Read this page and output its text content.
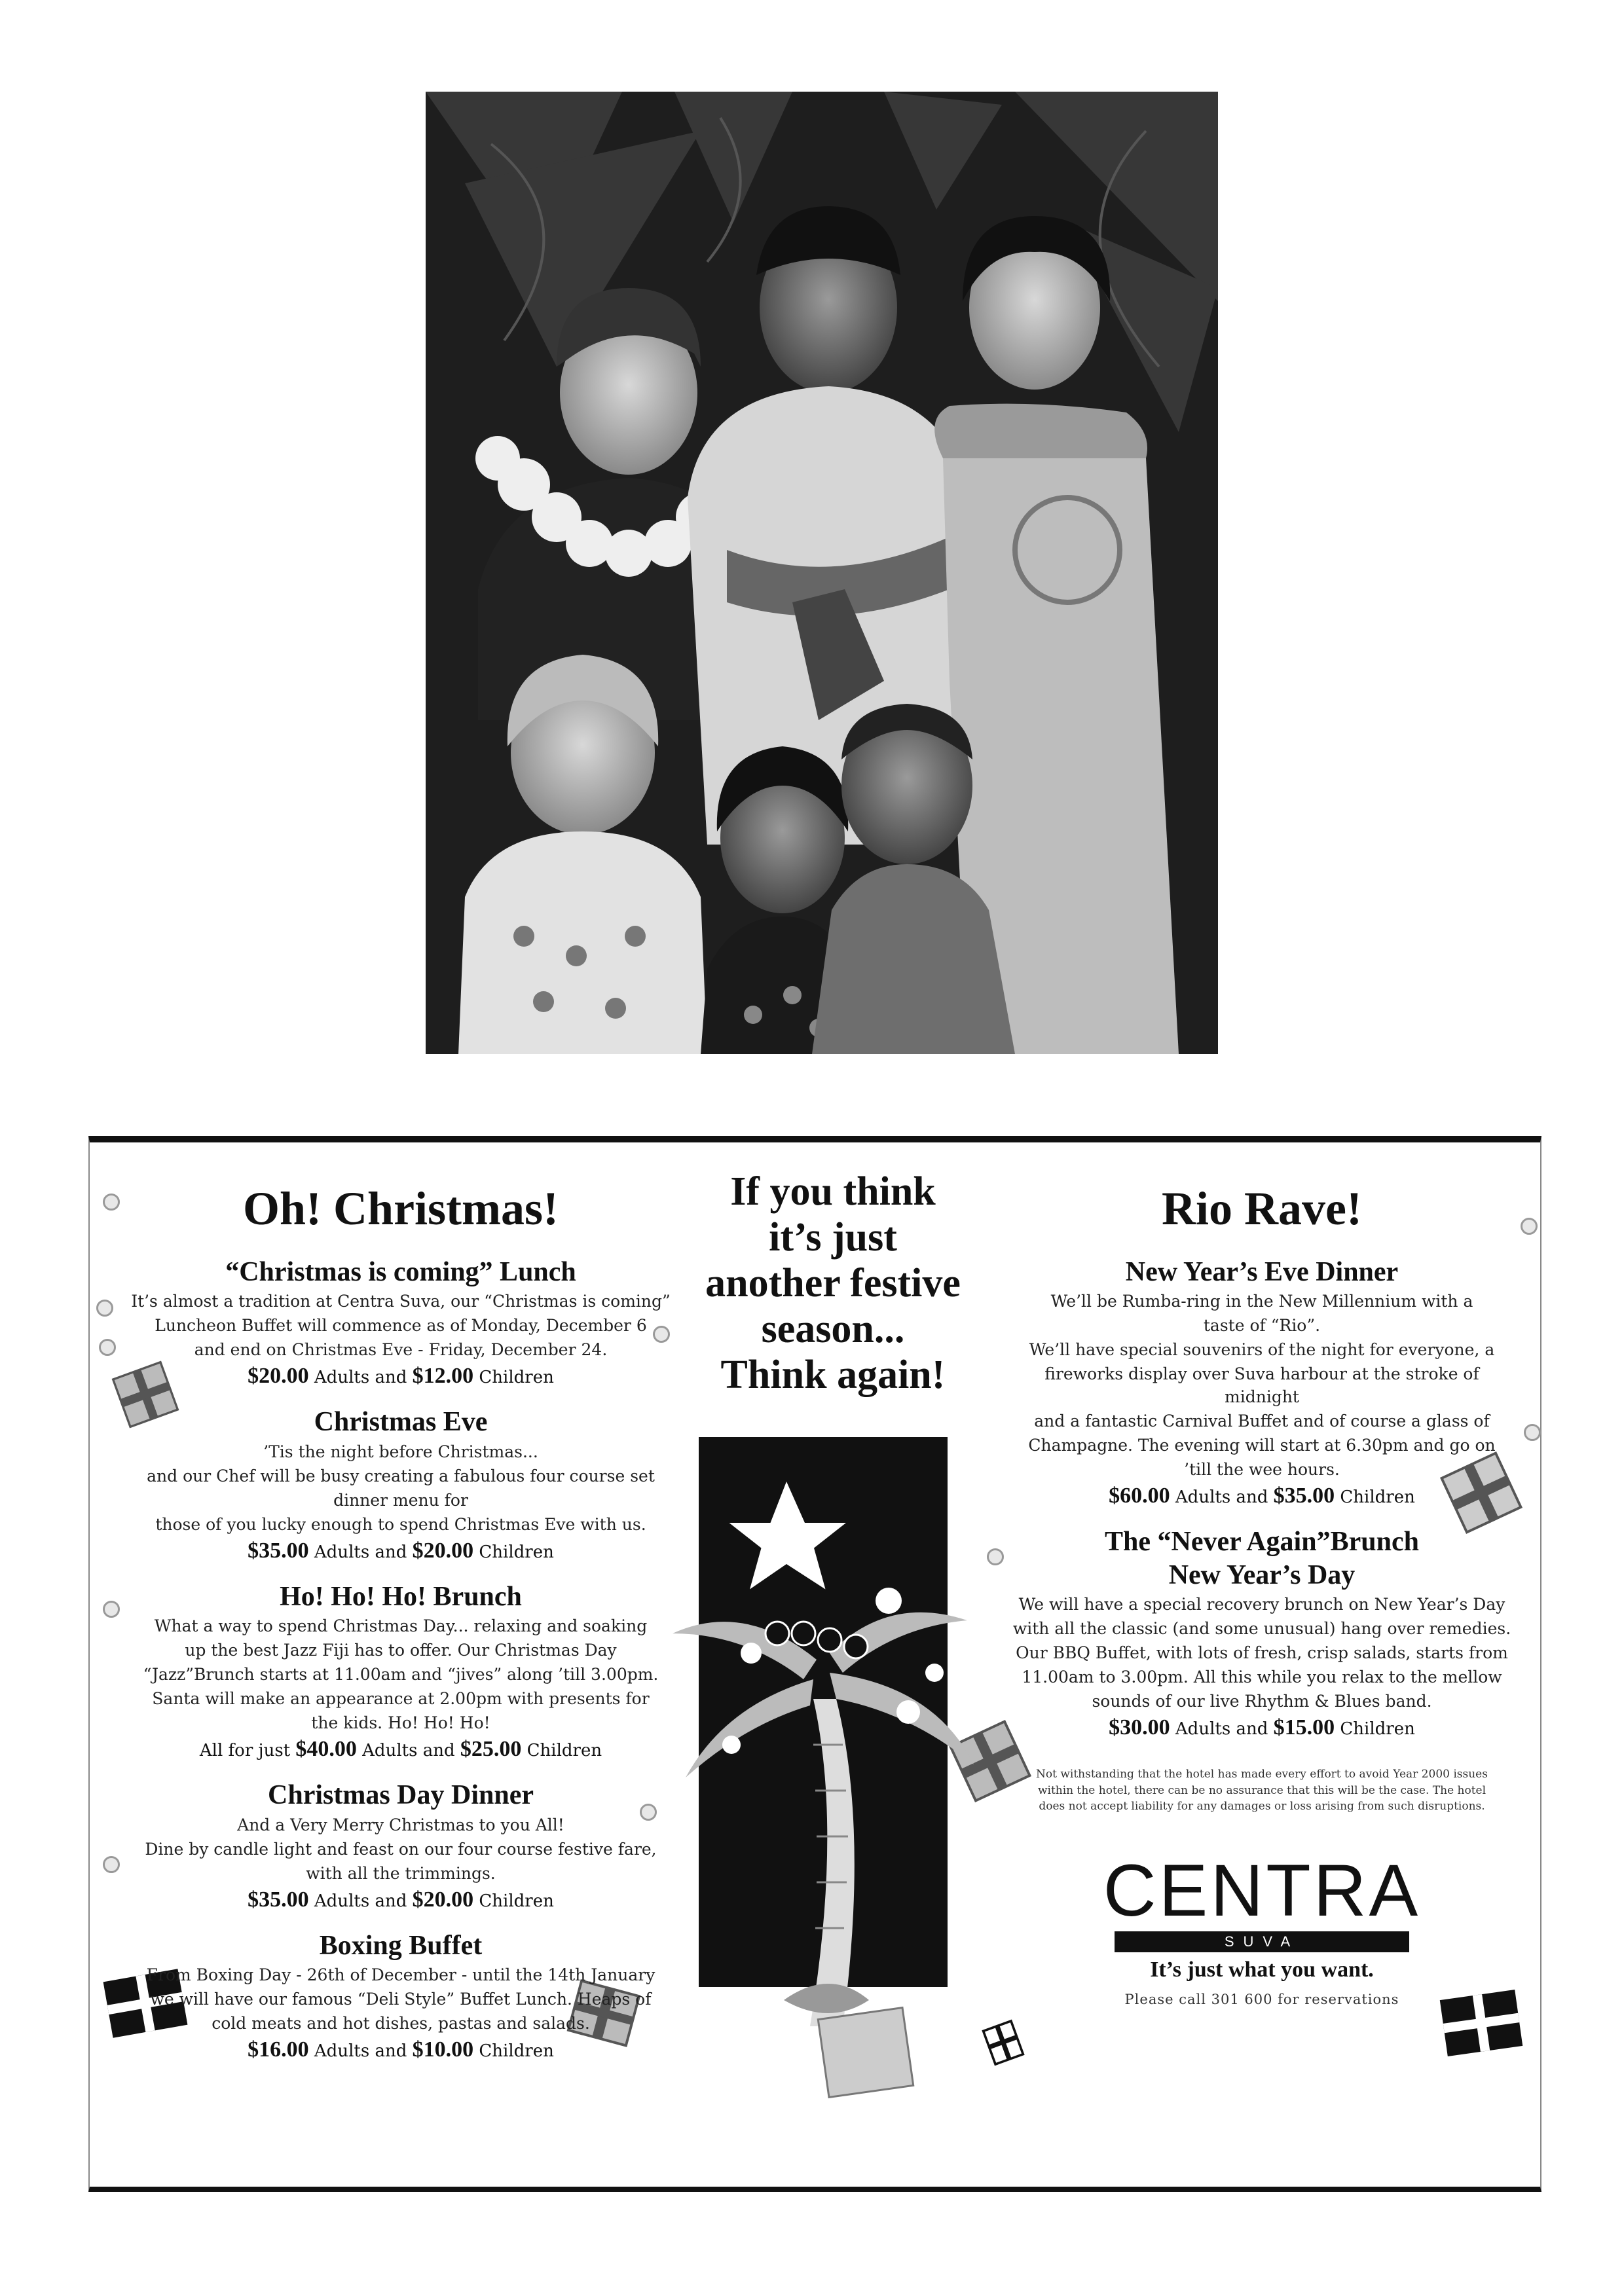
Oh! Christmas!
“Christmas is coming” Lunch
It’s almost a tradition at Centra Suva, our “Christmas is coming”
Luncheon Buffet will commence as of Monday, December 6
and end on Christmas Eve - Friday, December 24.
$20.00 Adults and $12.00 Children
Christmas Eve
’Tis the night before Christmas...
and our Chef will be busy creating a fabulous four course set
dinner menu for
those of you lucky enough to spend Christmas Eve with us.
$35.00 Adults and $20.00 Children
Ho! Ho! Ho! Brunch
What a way to spend Christmas Day... relaxing and soaking
up the best Jazz Fiji has to offer. Our Christmas Day
“Jazz”Brunch starts at 11.00am and “jives” along ’till 3.00pm.
Santa will make an appearance at 2.00pm with presents for
the kids. Ho! Ho! Ho!
All for just $40.00 Adults and $25.00 Children
Christmas Day Dinner
And a Very Merry Christmas to you All!
Dine by candle light and feast on our four course festive fare,
with all the trimmings.
$35.00 Adults and $20.00 Children
Boxing Buffet
From Boxing Day - 26th of December - until the 14th January
we will have our famous “Deli Style” Buffet Lunch. Heaps of
cold meats and hot dishes, pastas and salads.
$16.00 Adults and $10.00 Children
If you think
it’s just
another festive
season...
Think again!
Rio Rave!
New Year’s Eve Dinner
We’ll be Rumba-ring in the New Millennium with a
taste of “Rio”.
We’ll have special souvenirs of the night for everyone, a
fireworks display over Suva harbour at the stroke of midnight
and a fantastic Carnival Buffet and of course a glass of
Champagne. The evening will start at 6.30pm and go on
’till the wee hours.
$60.00 Adults and $35.00 Children
The “Never Again”Brunch
New Year’s Day
We will have a special recovery brunch on New Year’s Day
with all the classic (and some unusual) hang over remedies.
Our BBQ Buffet, with lots of fresh, crisp salads, starts from
11.00am to 3.00pm. All this while you relax to the mellow
sounds of our live Rhythm & Blues band.
$30.00 Adults and $15.00 Children
Not withstanding that the hotel has made every effort to avoid Year 2000 issues within the hotel, there can be no assurance that this will be the case. The hotel does not accept liability for any damages or loss arising from such disruptions.
CENTRA
SUVA
It’s just what you want.
Please call 301 600 for reservations
